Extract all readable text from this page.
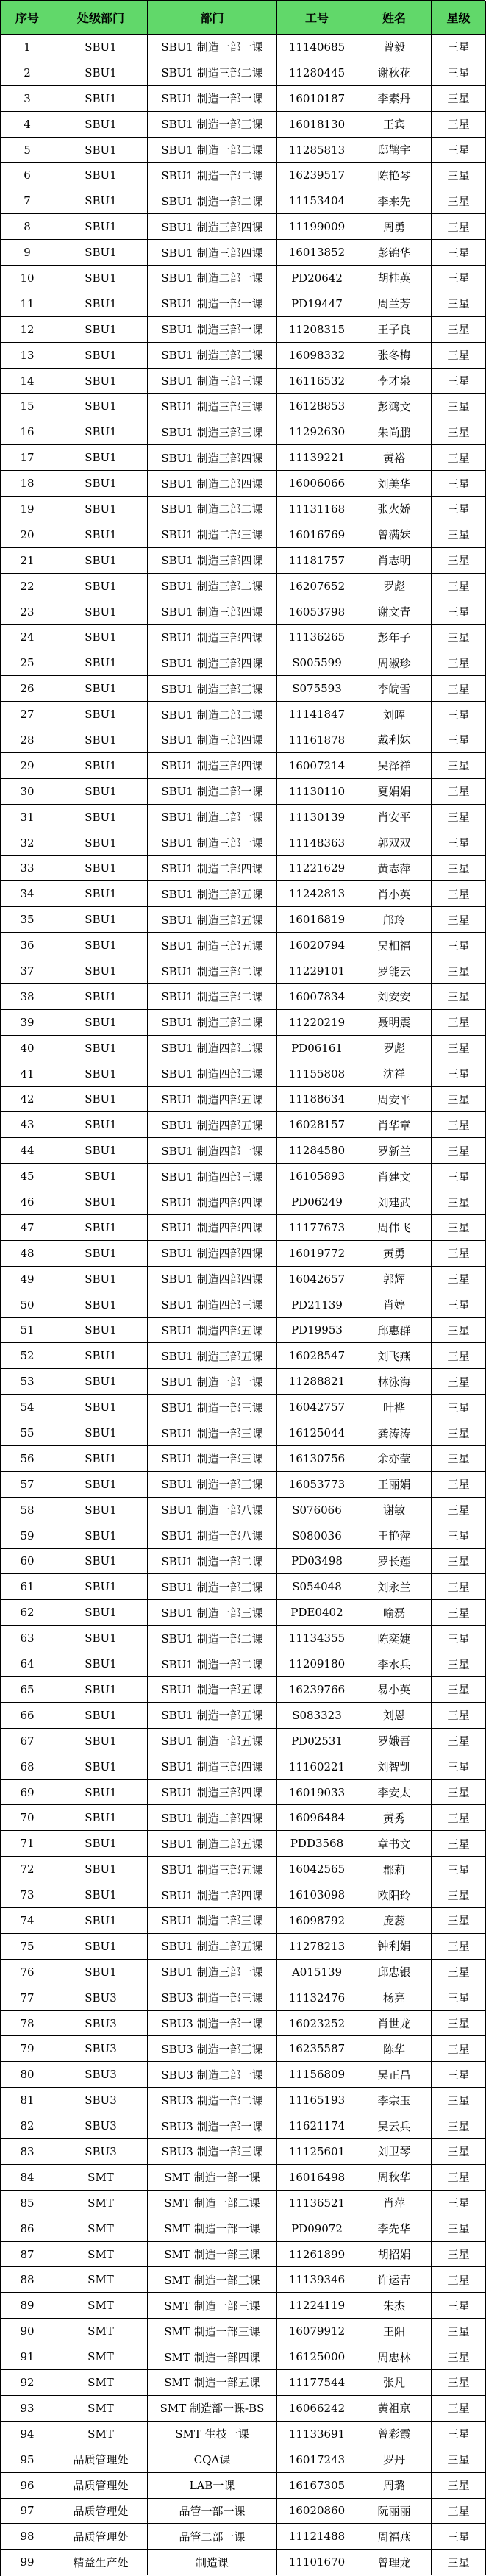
序号	处级部门	部门	工号	姓名	星级
1	SBU1	SBU1 制造一部一课	11140685	曾毅	三星
2	SBU1	SBU1 制造三部二课	11280445	谢秋花	三星
3	SBU1	SBU1 制造一部一课	16010187	李素丹	三星
4	SBU1	SBU1 制造一部三课	16018130	王宾	三星
5	SBU1	SBU1 制造一部二课	11285813	邸鹊宇	三星
6	SBU1	SBU1 制造一部二课	16239517	陈艳琴	三星
7	SBU1	SBU1 制造一部二课	11153404	李来先	三星
8	SBU1	SBU1 制造三部四课	11199009	周勇	三星
9	SBU1	SBU1 制造三部四课	16013852	彭锦华	三星
10	SBU1	SBU1 制造二部一课	PD20642	胡桂英	三星
11	SBU1	SBU1 制造一部一课	PD19447	周兰芳	三星
12	SBU1	SBU1 制造三部一课	11208315	王子良	三星
13	SBU1	SBU1 制造三部三课	16098332	张冬梅	三星
14	SBU1	SBU1 制造三部三课	16116532	李才泉	三星
15	SBU1	SBU1 制造三部三课	16128853	彭鸿文	三星
16	SBU1	SBU1 制造三部三课	11292630	朱尚鹏	三星
17	SBU1	SBU1 制造三部四课	11139221	黄裕	三星
18	SBU1	SBU1 制造二部四课	16006066	刘美华	三星
19	SBU1	SBU1 制造二部二课	11131168	张火娇	三星
20	SBU1	SBU1 制造二部三课	16016769	曾满妹	三星
21	SBU1	SBU1 制造三部四课	11181757	肖志明	三星
22	SBU1	SBU1 制造三部二课	16207652	罗彪	三星
23	SBU1	SBU1 制造三部四课	16053798	谢文青	三星
24	SBU1	SBU1 制造三部四课	11136265	彭年子	三星
25	SBU1	SBU1 制造三部四课	S005599	周淑珍	三星
26	SBU1	SBU1 制造三部三课	S075593	李皖雪	三星
27	SBU1	SBU1 制造二部二课	11141847	刘晖	三星
28	SBU1	SBU1 制造三部四课	11161878	戴利妹	三星
29	SBU1	SBU1 制造三部四课	16007214	吴泽祥	三星
30	SBU1	SBU1 制造二部一课	11130110	夏娟娟	三星
31	SBU1	SBU1 制造二部一课	11130139	肖安平	三星
32	SBU1	SBU1 制造三部一课	11148363	郭双双	三星
33	SBU1	SBU1 制造二部四课	11221629	黄志萍	三星
34	SBU1	SBU1 制造三部五课	11242813	肖小英	三星
35	SBU1	SBU1 制造三部五课	16016819	邝玲	三星
36	SBU1	SBU1 制造三部五课	16020794	吴相福	三星
37	SBU1	SBU1 制造三部二课	11229101	罗能云	三星
38	SBU1	SBU1 制造三部二课	16007834	刘安安	三星
39	SBU1	SBU1 制造三部二课	11220219	聂明震	三星
40	SBU1	SBU1 制造四部二课	PD06161	罗彪	三星
41	SBU1	SBU1 制造四部二课	11155808	沈祥	三星
42	SBU1	SBU1 制造四部五课	11188634	周安平	三星
43	SBU1	SBU1 制造四部五课	16028157	肖华章	三星
44	SBU1	SBU1 制造四部一课	11284580	罗新兰	三星
45	SBU1	SBU1 制造四部三课	16105893	肖建文	三星
46	SBU1	SBU1 制造四部四课	PD06249	刘建武	三星
47	SBU1	SBU1 制造四部四课	11177673	周伟飞	三星
48	SBU1	SBU1 制造四部四课	16019772	黄勇	三星
49	SBU1	SBU1 制造四部四课	16042657	郭辉	三星
50	SBU1	SBU1 制造四部三课	PD21139	肖婷	三星
51	SBU1	SBU1 制造四部五课	PD19953	邱惠群	三星
52	SBU1	SBU1 制造三部五课	16028547	刘飞燕	三星
53	SBU1	SBU1 制造一部一课	11288821	林泳海	三星
54	SBU1	SBU1 制造一部三课	16042757	叶桦	三星
55	SBU1	SBU1 制造一部三课	16125044	龚涛涛	三星
56	SBU1	SBU1 制造一部三课	16130756	余亦莹	三星
57	SBU1	SBU1 制造一部三课	16053773	王丽娟	三星
58	SBU1	SBU1 制造一部八课	S076066	谢敏	三星
59	SBU1	SBU1 制造一部八课	S080036	王艳萍	三星
60	SBU1	SBU1 制造一部二课	PD03498	罗长莲	三星
61	SBU1	SBU1 制造一部三课	S054048	刘永兰	三星
62	SBU1	SBU1 制造一部三课	PDE0402	喻磊	三星
63	SBU1	SBU1 制造一部二课	11134355	陈奕婕	三星
64	SBU1	SBU1 制造一部二课	11209180	李水兵	三星
65	SBU1	SBU1 制造一部五课	16239766	易小英	三星
66	SBU1	SBU1 制造一部五课	S083323	刘恩	三星
67	SBU1	SBU1 制造一部五课	PD02531	罗娥吾	三星
68	SBU1	SBU1 制造三部四课	11160221	刘智凯	三星
69	SBU1	SBU1 制造三部四课	16019033	李安太	三星
70	SBU1	SBU1 制造二部四课	16096484	黄秀	三星
71	SBU1	SBU1 制造二部五课	PDD3568	章书文	三星
72	SBU1	SBU1 制造三部五课	16042565	郡莉	三星
73	SBU1	SBU1 制造二部四课	16103098	欧阳玲	三星
74	SBU1	SBU1 制造二部三课	16098792	庞蕊	三星
75	SBU1	SBU1 制造二部五课	11278213	钟利娟	三星
76	SBU1	SBU1 制造三部一课	A015139	邱忠银	三星
77	SBU3	SBU3 制造一部三课	11132476	杨亮	三星
78	SBU3	SBU3 制造一部一课	16023252	肖世龙	三星
79	SBU3	SBU3 制造一部三课	16235587	陈华	三星
80	SBU3	SBU3 制造二部一课	11156809	吴正昌	三星
81	SBU3	SBU3 制造一部二课	11165193	李宗玉	三星
82	SBU3	SBU3 制造一部一课	11621174	吴云兵	三星
83	SBU3	SBU3 制造一部三课	11125601	刘卫琴	三星
84	SMT	SMT 制造一部一课	16016498	周秋华	三星
85	SMT	SMT 制造一部二课	11136521	肖萍	三星
86	SMT	SMT 制造一部一课	PD09072	李先华	三星
87	SMT	SMT 制造一部三课	11261899	胡招娟	三星
88	SMT	SMT 制造一部三课	11139346	许运青	三星
89	SMT	SMT 制造一部三课	11224119	朱杰	三星
90	SMT	SMT 制造一部三课	16079912	王阳	三星
91	SMT	SMT 制造一部四课	16125000	周忠林	三星
92	SMT	SMT 制造一部五课	11177544	张凡	三星
93	SMT	SMT 制造部一课-BS	16066242	黄祖京	三星
94	SMT	SMT 生技一课	11133691	曾彩霞	三星
95	品质管理处	CQA课	16017243	罗丹	三星
96	品质管理处	LAB一课	16167305	周璐	三星
97	品质管理处	品管一部一课	16020860	阮丽丽	三星
98	品质管理处	品管二部一课	11121488	周福燕	三星
99	精益生产处	制造课	11101670	曾理龙	三星
